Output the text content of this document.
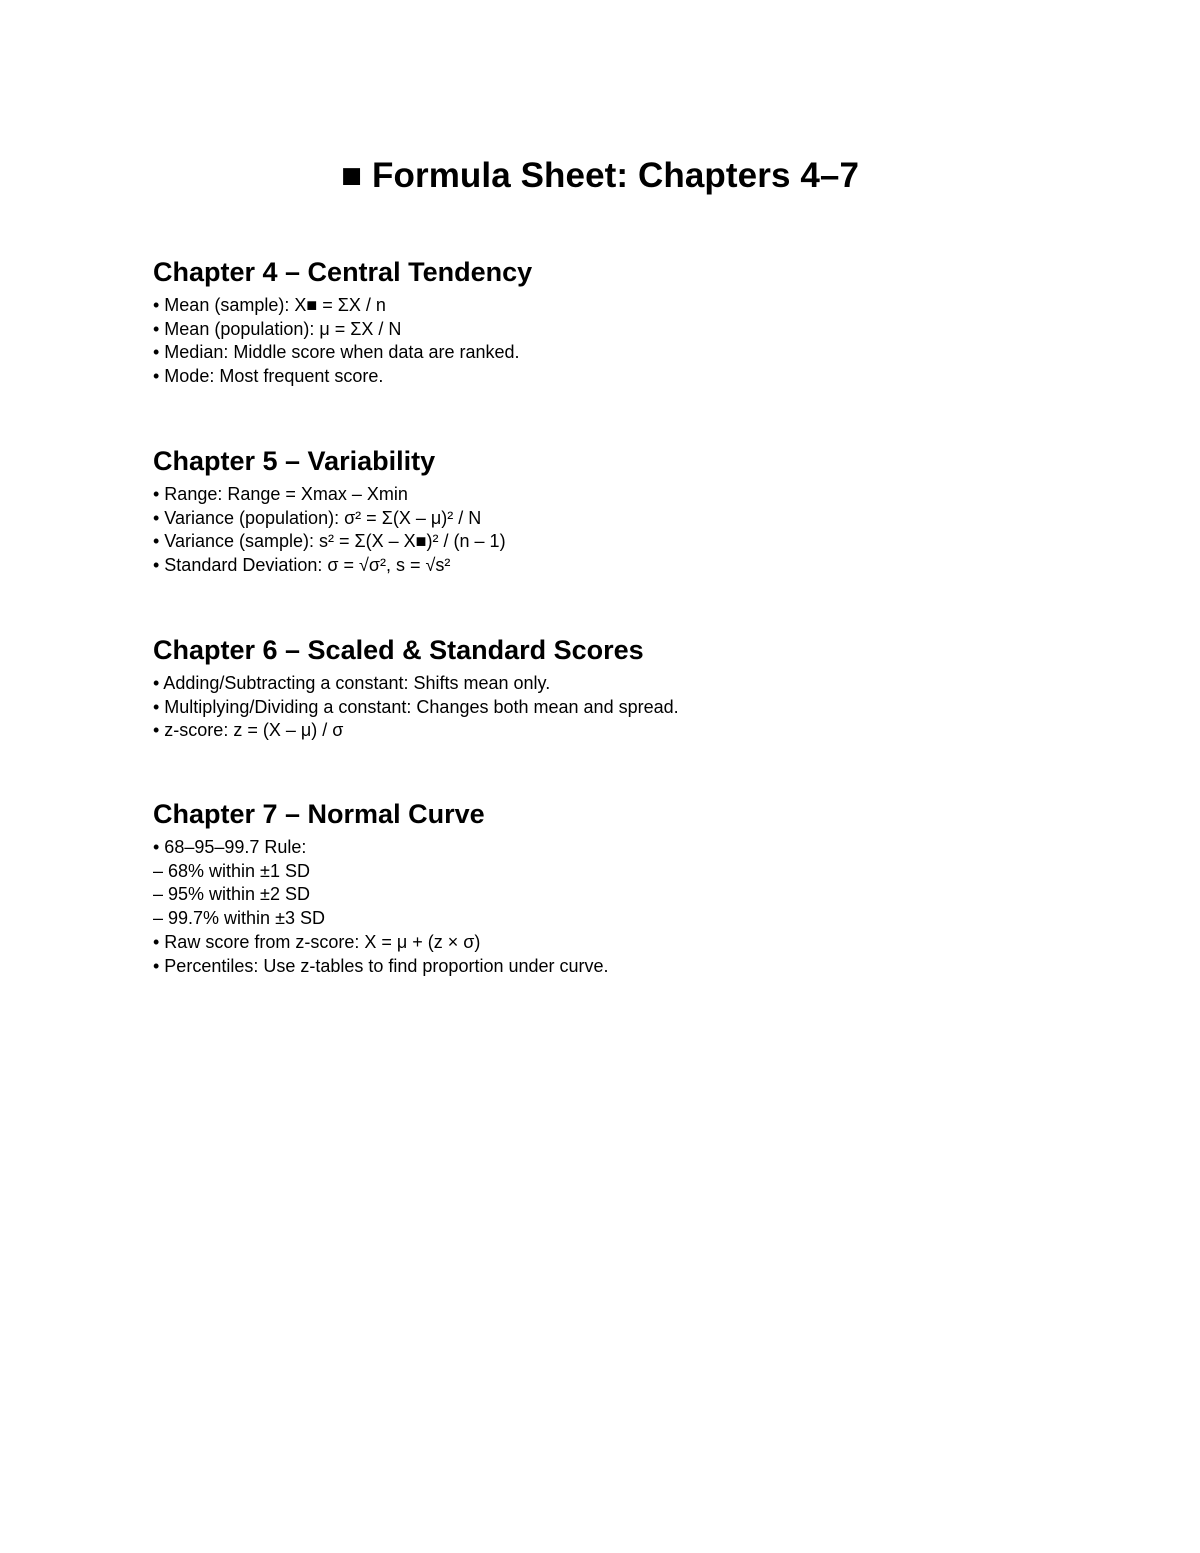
■ Formula Sheet: Chapters 4–7
Chapter 4 – Central Tendency
• Mean (sample): X■ = ΣX / n
• Mean (population): μ = ΣX / N
• Median: Middle score when data are ranked.
• Mode: Most frequent score.
Chapter 5 – Variability
• Range: Range = Xmax – Xmin
• Variance (population): σ² = Σ(X – μ)² / N
• Variance (sample): s² = Σ(X – X■)² / (n – 1)
• Standard Deviation: σ = √σ², s = √s²
Chapter 6 – Scaled & Standard Scores
• Adding/Subtracting a constant: Shifts mean only.
• Multiplying/Dividing a constant: Changes both mean and spread.
• z-score: z = (X – μ) / σ
Chapter 7 – Normal Curve
• 68–95–99.7 Rule:
– 68% within ±1 SD
– 95% within ±2 SD
– 99.7% within ±3 SD
• Raw score from z-score: X = μ + (z × σ)
• Percentiles: Use z-tables to find proportion under curve.
